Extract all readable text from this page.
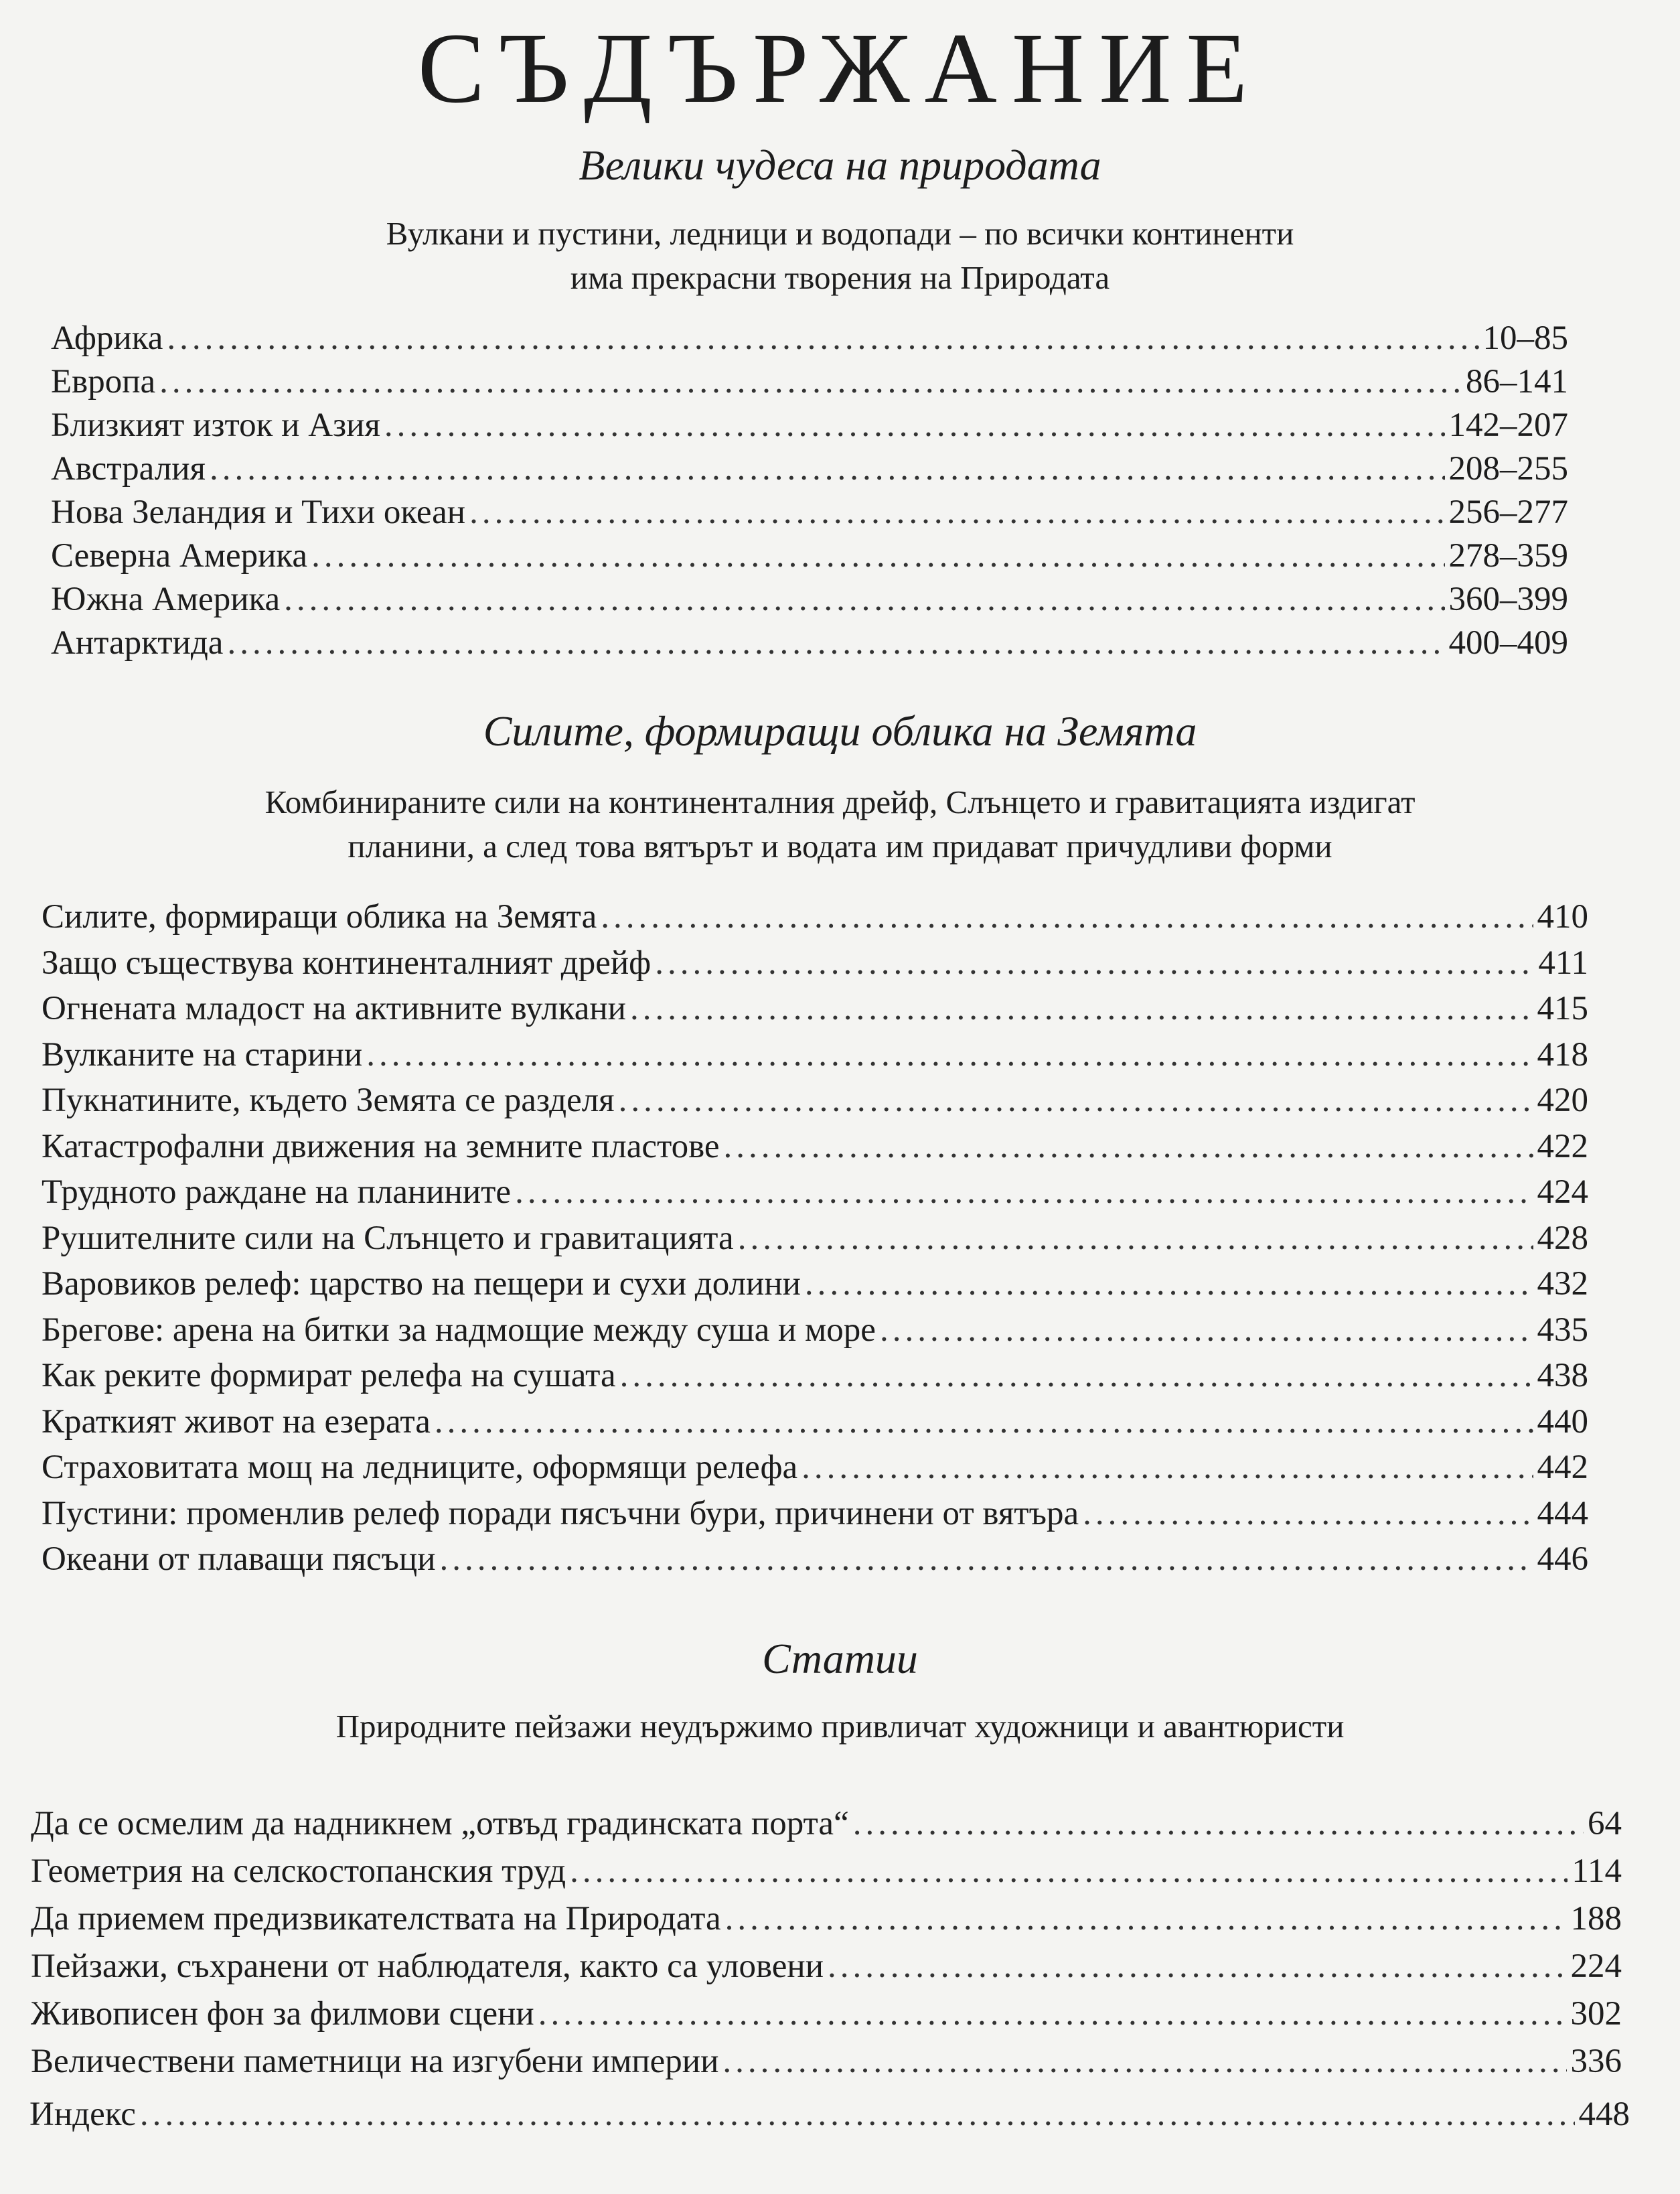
СЪДЪРЖАНИЕ
Велики чудеса на природата
Вулкани и пустини, ледници и водопади – по всички континенти
има прекрасни творения на Природата
Африка .....	10–85
Европа .....	86–141
Близкият изток и Азия .....	142–207
Австралия .....	208–255
Нова Зеландия и Тихи океан .....	256–277
Северна Америка .....	278–359
Южна Америка .....	360–399
Антарктида .....	400–409
Силите, формиращи облика на Земята
Комбинираните сили на континенталния дрейф, Слънцето и гравитацията издигат
планини, а след това вятърът и водата им придават причудливи форми
Силите, формиращи облика на Земята .....	410
Защо съществува континенталният дрейф .....	411
Огнената младост на активните вулкани .....	415
Вулканите на старини .....	418
Пукнатините, където Земята се разделя .....	420
Катастрофални движения на земните пластове .....	422
Трудното раждане на планините .....	424
Рушителните сили на Слънцето и гравитацията .....	428
Варовиков релеф: царство на пещери и сухи долини .....	432
Брегове: арена на битки за надмощие между суша и море .....	435
Как реките формират релефа на сушата .....	438
Краткият живот на езерата .....	440
Страховитата мощ на ледниците, оформящи релефа .....	442
Пустини: променлив релеф поради пясъчни бури, причинени от вятъра .....	444
Океани от плаващи пясъци .....	446
Статии
Природните пейзажи неудържимо привличат художници и авантюристи
Да се осмелим да надникнем „отвъд градинската порта“ .....	64
Геометрия на селскостопанския труд .....	114
Да приемем предизвикателствата на Природата .....	188
Пейзажи, съхранени от наблюдателя, както са уловени .....	224
Живописен фон за филмови сцени .....	302
Величествени паметници на изгубени империи .....	336
Индекс .....	448
